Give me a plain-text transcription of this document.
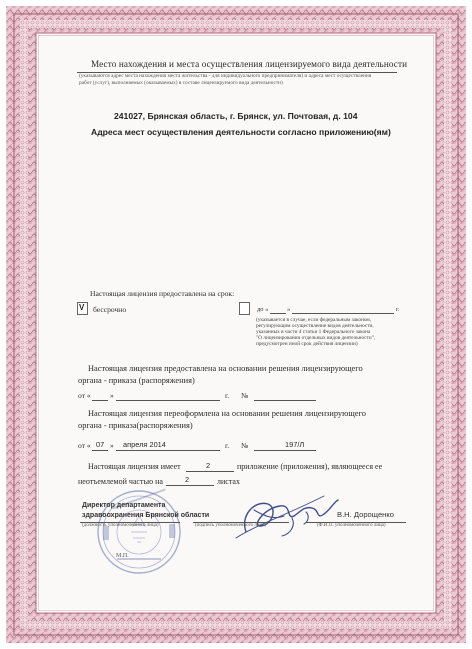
Место нахождения и места осуществления лицензируемого вида деятельности
(указываются адрес места нахождения места жительства - для индивидуального предпринимателя) и адреса мест осуществления
работ (услуг), выполняемых (оказываемых) в составе лицензируемого вида деятельности)
241027, Брянская область, г. Брянск, ул. Почтовая, д. 104
Адреса мест осуществления деятельности согласно приложению(ям)
Настоящая лицензия предоставлена на срок:
V бессрочно	до «	»	г.
(указывается в случае, если федеральным законом,
регулирующим осуществление видов деятельности,
указанных в части 4 статьи 1 Федерального закона
"О лицензировании отдельных видов деятельности",
предусмотрен иной срок действия лицензии)
Настоящая лицензия предоставлена на основании решения лицензирующего
органа - приказа (распоряжения)
от «	»	г. №
Настоящая лицензия переоформлена на основании решения лицензирующего
органа - приказа(распоряжения)
от « 07 » апреля 2014	г. №	197/Л
Настоящая лицензия имеет	2	приложение (приложения), являющееся ее
неотъемлемой частью на	2	листах
Директор департамента
здравоохранения Брянской области
(должность уполномоченного лица)	(подпись уполномоченного лица)
В.Н. Дорощенко
(Ф.И.О. уполномоченного лица)
М.П.
